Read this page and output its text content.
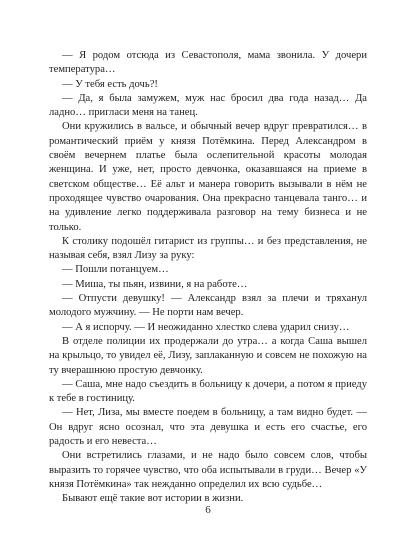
— Я родом отсюда из Севастополя, мама звонила. У дочери температура…

— У тебя есть дочь?!

— Да, я была замужем, муж нас бросил два года назад… Да ладно… пригласи меня на танец.

Они кружились в вальсе, и обычный вечер вдруг превратился… в романтический приём у князя Потёмкина. Перед Александром в своём вечернем платье была ослепительной красоты молодая женщина. И уже, нет, просто девчонка, оказавшаяся на приеме в светском обществе… Её альт и манера говорить вызывали в нём не проходящее чувство очарования. Она прекрасно танцевала танго… и на удивление легко поддерживала разговор на тему бизнеса и не только.

К столику подошёл гитарист из группы… и без представления, не называя себя, взял Лизу за руку:

— Пошли потанцуем…

— Миша, ты пьян, извини, я на работе…

— Отпусти девушку! — Александр взял за плечи и тряханул молодого мужчину. — Не порти нам вечер.

— А я испорчу. — И неожиданно хлестко слева ударил снизу…

В отделе полиции их продержали до утра… а когда Саша вышел на крыльцо, то увидел её, Лизу, заплаканную и совсем не похожую на ту вчерашнюю простую девчонку.

— Саша, мне надо съездить в больницу к дочери, а потом я приеду к тебе в гостиницу.

— Нет, Лиза, мы вместе поедем в больницу, а там видно будет. — Он вдруг ясно осознал, что эта девушка и есть его счастье, его радость и его невеста…

Они встретились глазами, и не надо было совсем слов, чтобы выразить то горячее чувство, что оба испытывали в груди… Вечер «У князя Потёмкина» так нежданно определил их всю судьбе…

Бывают ещё такие вот истории в жизни.

6
